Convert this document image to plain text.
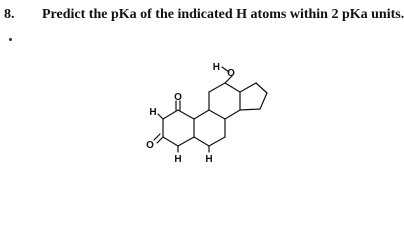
8. Predict the pKa of the indicated H atoms within 2 pKa units.
H
O
O
O
H
H H
